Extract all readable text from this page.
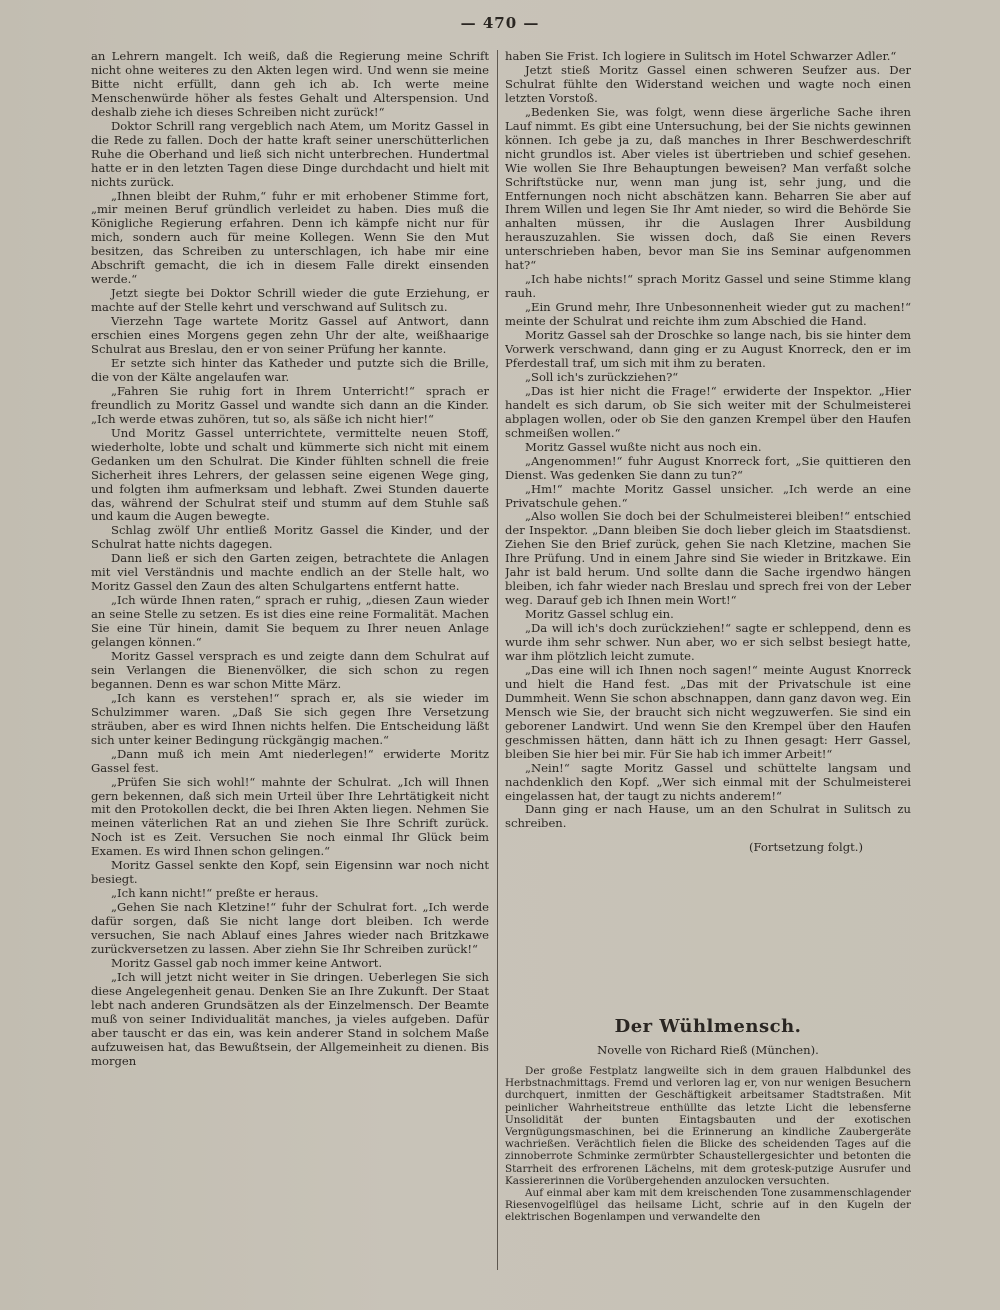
— 470 —

an Lehrern mangelt. Ich weiß, daß die Regierung meine Schrift nicht ohne weiteres zu den Akten legen wird. Und wenn sie meine Bitte nicht erfüllt, dann geh ich ab. Ich werte meine Menschenwürde höher als festes Gehalt und Alterspension. Und deshalb ziehe ich dieses Schreiben nicht zurück!“

Doktor Schrill rang vergeblich nach Atem, um Moritz Gassel in die Rede zu fallen. Doch der hatte kraft seiner unerschütterlichen Ruhe die Oberhand und ließ sich nicht unterbrechen. Hundertmal hatte er in den letzten Tagen diese Dinge durchdacht und hielt mit nichts zurück.

„Ihnen bleibt der Ruhm,“ fuhr er mit erhobener Stimme fort, „mir meinen Beruf gründlich verleidet zu haben. Dies muß die Königliche Regierung erfahren. Denn ich kämpfe nicht nur für mich, sondern auch für meine Kollegen. Wenn Sie den Mut besitzen, das Schreiben zu unterschlagen, ich habe mir eine Abschrift gemacht, die ich in diesem Falle direkt einsenden werde.“

Jetzt siegte bei Doktor Schrill wieder die gute Erziehung, er machte auf der Stelle kehrt und verschwand auf Sulitsch zu.

Vierzehn Tage wartete Moritz Gassel auf Antwort, dann erschien eines Morgens gegen zehn Uhr der alte, weißhaarige Schulrat aus Breslau, den er von seiner Prüfung her kannte.

Er setzte sich hinter das Katheder und putzte sich die Brille, die von der Kälte angelaufen war.

„Fahren Sie ruhig fort in Ihrem Unterricht!“ sprach er freundlich zu Moritz Gassel und wandte sich dann an die Kinder. „Ich werde etwas zuhören, tut so, als säße ich nicht hier!“

Und Moritz Gassel unterrichtete, vermittelte neuen Stoff, wiederholte, lobte und schalt und kümmerte sich nicht mit einem Gedanken um den Schulrat. Die Kinder fühlten schnell die freie Sicherheit ihres Lehrers, der gelassen seine eigenen Wege ging, und folgten ihm aufmerksam und lebhaft. Zwei Stunden dauerte das, während der Schulrat steif und stumm auf dem Stuhle saß und kaum die Augen bewegte.

Schlag zwölf Uhr entließ Moritz Gassel die Kinder, und der Schulrat hatte nichts dagegen.

Dann ließ er sich den Garten zeigen, betrachtete die Anlagen mit viel Verständnis und machte endlich an der Stelle halt, wo Moritz Gassel den Zaun des alten Schulgartens entfernt hatte.

„Ich würde Ihnen raten,“ sprach er ruhig, „diesen Zaun wieder an seine Stelle zu setzen. Es ist dies eine reine Formalität. Machen Sie eine Tür hinein, damit Sie bequem zu Ihrer neuen Anlage gelangen können.“

Moritz Gassel versprach es und zeigte dann dem Schulrat auf sein Verlangen die Bienenvölker, die sich schon zu regen begannen. Denn es war schon Mitte März.

„Ich kann es verstehen!“ sprach er, als sie wieder im Schulzimmer waren. „Daß Sie sich gegen Ihre Versetzung sträuben, aber es wird Ihnen nichts helfen. Die Entscheidung läßt sich unter keiner Bedingung rückgängig machen.“

„Dann muß ich mein Amt niederlegen!“ erwiderte Moritz Gassel fest.

„Prüfen Sie sich wohl!“ mahnte der Schulrat. „Ich will Ihnen gern bekennen, daß sich mein Urteil über Ihre Lehrtätigkeit nicht mit den Protokollen deckt, die bei Ihren Akten liegen. Nehmen Sie meinen väterlichen Rat an und ziehen Sie Ihre Schrift zurück. Noch ist es Zeit. Versuchen Sie noch einmal Ihr Glück beim Examen. Es wird Ihnen schon gelingen.“

Moritz Gassel senkte den Kopf, sein Eigensinn war noch nicht besiegt.

„Ich kann nicht!“ preßte er heraus.

„Gehen Sie nach Kletzine!“ fuhr der Schulrat fort. „Ich werde dafür sorgen, daß Sie nicht lange dort bleiben. Ich werde versuchen, Sie nach Ablauf eines Jahres wieder nach Britzkawe zurückversetzen zu lassen. Aber ziehn Sie Ihr Schreiben zurück!“

Moritz Gassel gab noch immer keine Antwort.

„Ich will jetzt nicht weiter in Sie dringen. Ueberlegen Sie sich diese Angelegenheit genau. Denken Sie an Ihre Zukunft. Der Staat lebt nach anderen Grundsätzen als der Einzelmensch. Der Beamte muß von seiner Individualität manches, ja vieles aufgeben. Dafür aber tauscht er das ein, was kein anderer Stand in solchem Maße aufzuweisen hat, das Bewußtsein, der Allgemeinheit zu dienen. Bis morgen

haben Sie Frist. Ich logiere in Sulitsch im Hotel Schwarzer Adler.“

Jetzt stieß Moritz Gassel einen schweren Seufzer aus. Der Schulrat fühlte den Widerstand weichen und wagte noch einen letzten Vorstoß.

„Bedenken Sie, was folgt, wenn diese ärgerliche Sache ihren Lauf nimmt. Es gibt eine Untersuchung, bei der Sie nichts gewinnen können. Ich gebe ja zu, daß manches in Ihrer Beschwerdeschrift nicht grundlos ist. Aber vieles ist übertrieben und schief gesehen. Wie wollen Sie Ihre Behauptungen beweisen? Man verfaßt solche Schriftstücke nur, wenn man jung ist, sehr jung, und die Entfernungen noch nicht abschätzen kann. Beharren Sie aber auf Ihrem Willen und legen Sie Ihr Amt nieder, so wird die Behörde Sie anhalten müssen, ihr die Auslagen Ihrer Ausbildung herauszuzahlen. Sie wissen doch, daß Sie einen Revers unterschrieben haben, bevor man Sie ins Seminar aufgenommen hat?“

„Ich habe nichts!“ sprach Moritz Gassel und seine Stimme klang rauh.

„Ein Grund mehr, Ihre Unbesonnenheit wieder gut zu machen!“ meinte der Schulrat und reichte ihm zum Abschied die Hand.

Moritz Gassel sah der Droschke so lange nach, bis sie hinter dem Vorwerk verschwand, dann ging er zu August Knorreck, den er im Pferdestall traf, um sich mit ihm zu beraten.

„Soll ich's zurückziehen?“

„Das ist hier nicht die Frage!“ erwiderte der Inspektor. „Hier handelt es sich darum, ob Sie sich weiter mit der Schulmeisterei abplagen wollen, oder ob Sie den ganzen Krempel über den Haufen schmeißen wollen.“

Moritz Gassel wußte nicht aus noch ein.

„Angenommen!“ fuhr August Knorreck fort, „Sie quittieren den Dienst. Was gedenken Sie dann zu tun?“

„Hm!“ machte Moritz Gassel unsicher. „Ich werde an eine Privatschule gehen.“

„Also wollen Sie doch bei der Schulmeisterei bleiben!“ entschied der Inspektor. „Dann bleiben Sie doch lieber gleich im Staatsdienst. Ziehen Sie den Brief zurück, gehen Sie nach Kletzine, machen Sie Ihre Prüfung. Und in einem Jahre sind Sie wieder in Britzkawe. Ein Jahr ist bald herum. Und sollte dann die Sache irgendwo hängen bleiben, ich fahr wieder nach Breslau und sprech frei von der Leber weg. Darauf geb ich Ihnen mein Wort!“

Moritz Gassel schlug ein.

„Da will ich's doch zurückziehen!“ sagte er schleppend, denn es wurde ihm sehr schwer. Nun aber, wo er sich selbst besiegt hatte, war ihm plötzlich leicht zumute.

„Das eine will ich Ihnen noch sagen!“ meinte August Knorreck und hielt die Hand fest. „Das mit der Privatschule ist eine Dummheit. Wenn Sie schon abschnappen, dann ganz davon weg. Ein Mensch wie Sie, der braucht sich nicht wegzuwerfen. Sie sind ein geborener Landwirt. Und wenn Sie den Krempel über den Haufen geschmissen hätten, dann hätt ich zu Ihnen gesagt: Herr Gassel, bleiben Sie hier bei mir. Für Sie hab ich immer Arbeit!“

„Nein!“ sagte Moritz Gassel und schüttelte langsam und nachdenklich den Kopf. „Wer sich einmal mit der Schulmeisterei eingelassen hat, der taugt zu nichts anderem!“

Dann ging er nach Hause, um an den Schulrat in Sulitsch zu schreiben.

(Fortsetzung folgt.)
Der Wühlmensch.
Novelle von Richard Rieß (München).

Der große Festplatz langweilte sich in dem grauen Halbdunkel des Herbstnachmittags. Fremd und verloren lag er, von nur wenigen Besuchern durchquert, inmitten der Geschäftigkeit arbeitsamer Stadtstraßen. Mit peinlicher Wahrheitstreue enthüllte das letzte Licht die lebensferne Unsolidität der bunten Eintagsbauten und der exotischen Vergnügungsmaschinen, bei die Erinnerung an kindliche Zaubergeräte wachrießen. Verächtlich fielen die Blicke des scheidenden Tages auf die zinnoberrote Schminke zermürbter Schaustellergesichter und betonten die Starrheit des erfrorenen Lächelns, mit dem grotesk-putzige Ausrufer und Kassiererinnen die Vorübergehenden anzulocken versuchten.

Auf einmal aber kam mit dem kreischenden Tone zusammenschlagender Riesenvogelflügel das heilsame Licht, schrie auf in den Kugeln der elektrischen Bogenlampen und verwandelte den
